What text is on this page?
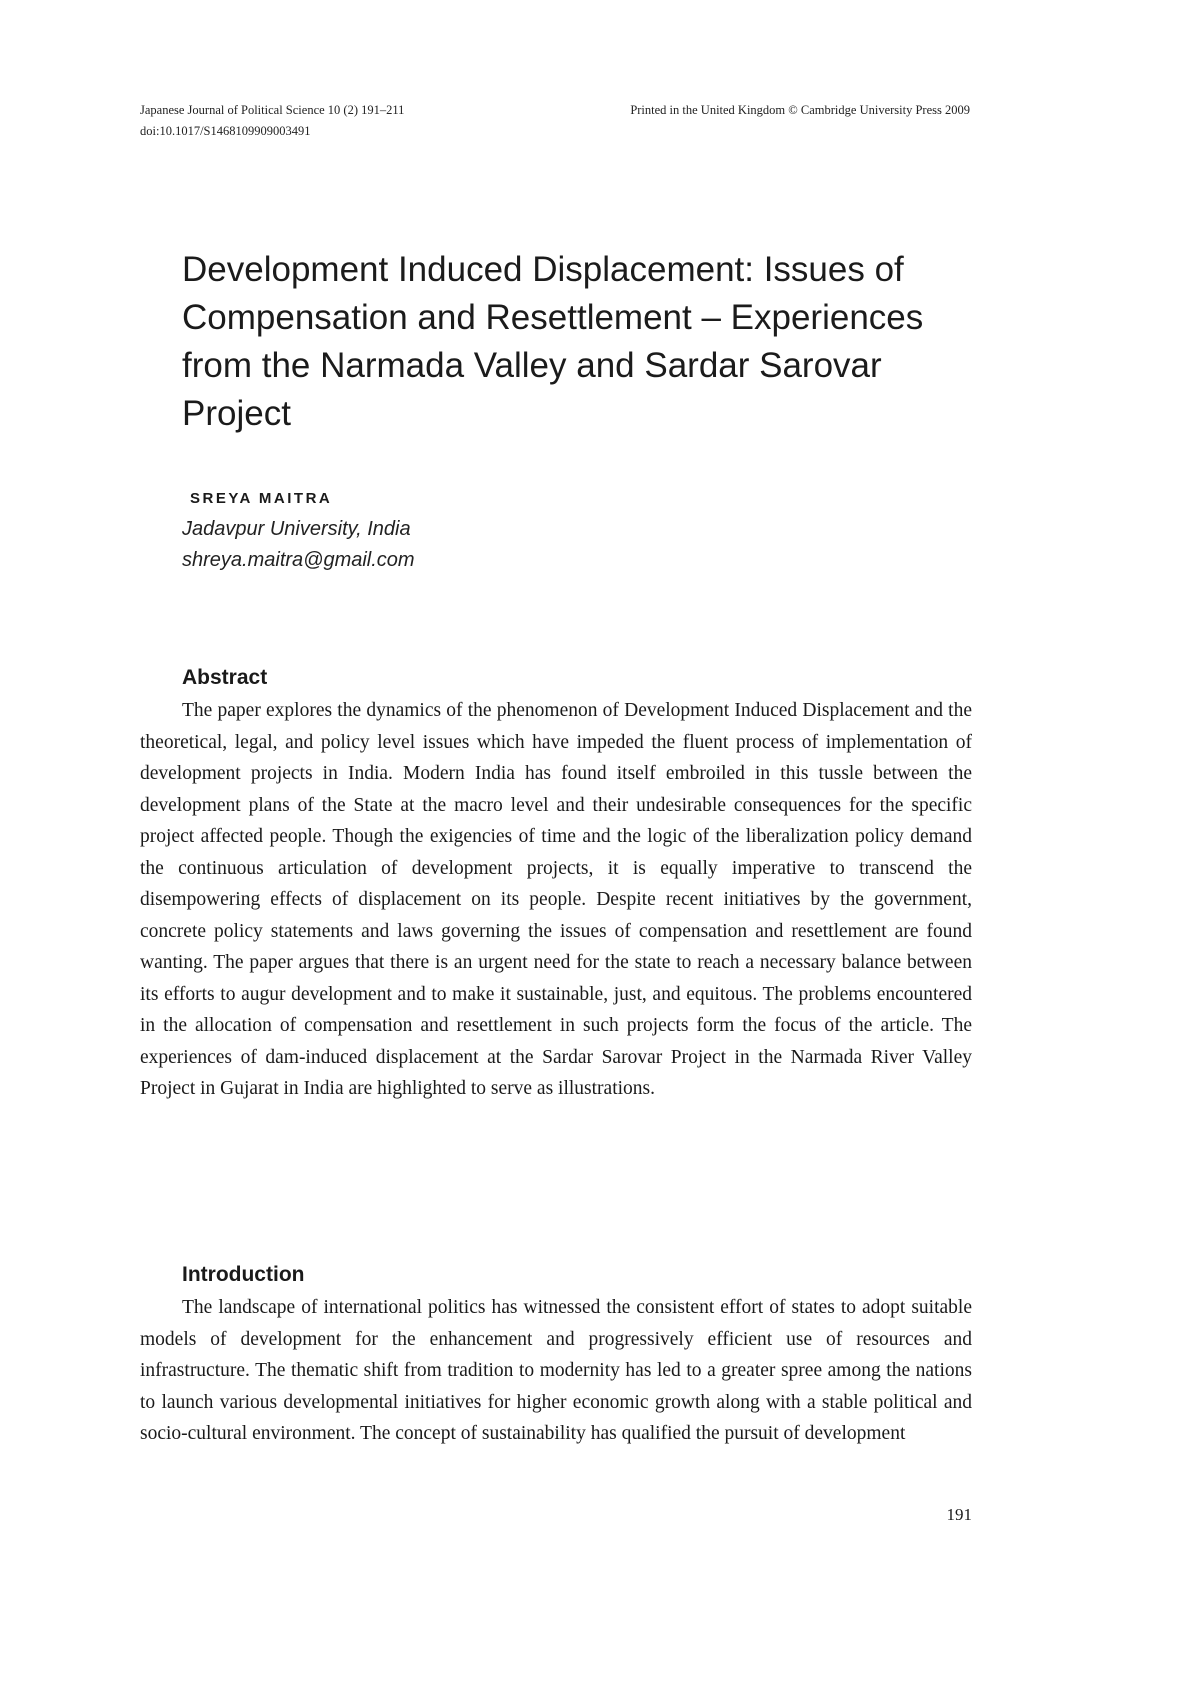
Japanese Journal of Political Science 10 (2) 191–211	Printed in the United Kingdom © Cambridge University Press 2009
doi:10.1017/S1468109909003491
Development Induced Displacement: Issues of Compensation and Resettlement – Experiences from the Narmada Valley and Sardar Sarovar Project
SREYA MAITRA
Jadavpur University, India
shreya.maitra@gmail.com
Abstract

The paper explores the dynamics of the phenomenon of Development Induced Displacement and the theoretical, legal, and policy level issues which have impeded the fluent process of implementation of development projects in India. Modern India has found itself embroiled in this tussle between the development plans of the State at the macro level and their undesirable consequences for the specific project affected people. Though the exigencies of time and the logic of the liberalization policy demand the continuous articulation of development projects, it is equally imperative to transcend the disempowering effects of displacement on its people. Despite recent initiatives by the government, concrete policy statements and laws governing the issues of compensation and resettlement are found wanting. The paper argues that there is an urgent need for the state to reach a necessary balance between its efforts to augur development and to make it sustainable, just, and equitous. The problems encountered in the allocation of compensation and resettlement in such projects form the focus of the article. The experiences of dam-induced displacement at the Sardar Sarovar Project in the Narmada River Valley Project in Gujarat in India are highlighted to serve as illustrations.

Introduction

The landscape of international politics has witnessed the consistent effort of states to adopt suitable models of development for the enhancement and progressively efficient use of resources and infrastructure. The thematic shift from tradition to modernity has led to a greater spree among the nations to launch various developmental initiatives for higher economic growth along with a stable political and socio-cultural environment. The concept of sustainability has qualified the pursuit of development

191
